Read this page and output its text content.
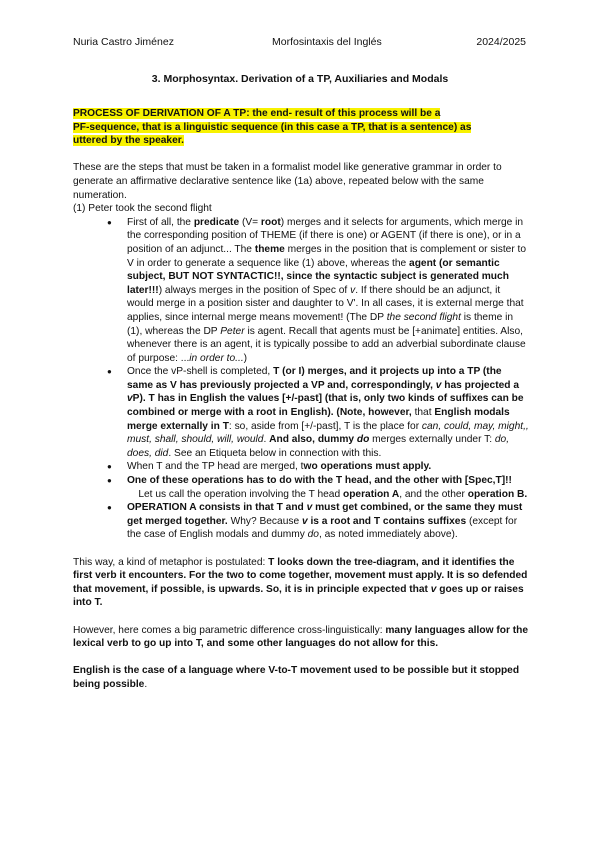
Nuria Castro Jiménez	Morfosintaxis del Inglés	2024/2025
3. Morphosyntax. Derivation of a TP, Auxiliaries and Modals

PROCESS OF DERIVATION OF A TP: the end- result of this process will be a
PF-sequence, that is a linguistic sequence (in this case a TP, that is a sentence) as
uttered by the speaker.

These are the steps that must be taken in a formalist model like generative grammar in order to generate an affirmative declarative sentence like (1a) above, repeated below with the same numeration.

(1) Peter took the second flight

● First of all, the predicate (V= root) merges and it selects for arguments, which merge in the corresponding position of THEME (if there is one) or AGENT (if there is one), or in a position of an adjunct... The theme merges in the position that is complement or sister to V in order to generate a sequence like (1) above, whereas the agent (or semantic subject, BUT NOT SYNTACTIC!!, since the syntactic subject is generated much later!!!) always merges in the position of Spec of v. If there should be an adjunct, it would merge in a position sister and daughter to V'. In all cases, it is external merge that applies, since internal merge means movement! (The DP the second flight is theme in (1), whereas the DP Peter is agent. Recall that agents must be [+animate] entities. Also, whenever there is an agent, it is typically possibe to add an adverbial subordinate clause of purpose: ...in order to...)
● Once the vP-shell is completed, T (or I) merges, and it projects up into a TP (the same as V has previously projected a VP and, correspondingly, v has projected a vP). T has in English the values [+/-past] (that is, only two kinds of suffixes can be combined or merge with a root in English). (Note, however, that English modals merge externally in T: so, aside from [+/-past], T is the place for can, could, may, might,, must, shall, should, will, would. And also, dummy do merges externally under T: do, does, did. See an Etiqueta below in connection with this.
● When T and the TP head are merged, two operations must apply.
● One of these operations has to do with the T head, and the other with [Spec,T]!!
Let us call the operation involving the T head operation A, and the other operation B.
● OPERATION A consists in that T and v must get combined, or the same they must get merged together. Why? Because v is a root and T contains suffixes (except for the case of English modals and dummy do, as noted immediately above).

This way, a kind of metaphor is postulated: T looks down the tree-diagram, and it identifies the first verb it encounters. For the two to come together, movement must apply. It is so defended that movement, if possible, is upwards. So, it is in principle expected that v goes up or raises into T.

However, here comes a big parametric difference cross-linguistically: many languages allow for the lexical verb to go up into T, and some other languages do not allow for this.

English is the case of a language where V-to-T movement used to be possible but it stopped being possible.
